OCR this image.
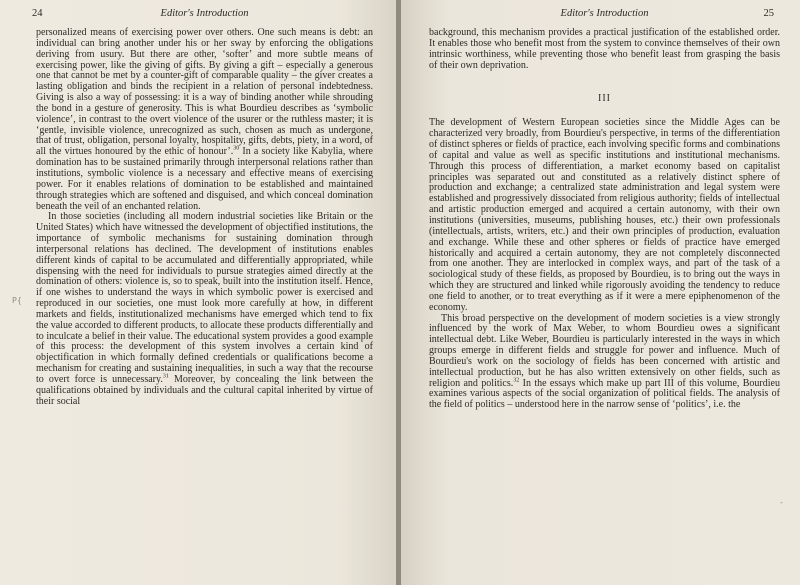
24	Editor's Introduction

personalized means of exercising power over others. One such means is debt: an individual can bring another under his or her sway by enforcing the obligations deriving from usury. But there are other, ‘softer’ and more subtle means of exercising power, like the giving of gifts. By giving a gift – especially a generous one that cannot be met by a counter-gift of comparable quality – the giver creates a lasting obligation and binds the recipient in a relation of personal indebtedness. Giving is also a way of possessing: it is a way of binding another while shrouding the bond in a gesture of generosity. This is what Bourdieu describes as ‘symbolic violence’, in contrast to the overt violence of the usurer or the ruthless master; it is ‘gentle, invisible violence, unrecognized as such, chosen as much as undergone, that of trust, obligation, personal loyalty, hospitality, gifts, debts, piety, in a word, of all the virtues honoured by the ethic of honour’.$^{30}$ In a society like Kabylia, where domination has to be sustained primarily through interpersonal relations rather than institutions, symbolic violence is a necessary and effective means of exercising power. For it enables relations of domination to be established and maintained through strategies which are softened and disguised, and which conceal domination beneath the veil of an enchanted relation.

In those societies (including all modern industrial societies like Britain or the United States) which have witnessed the development of objectified institutions, the importance of symbolic mechanisms for sustaining domination through interpersonal relations has declined. The development of institutions enables different kinds of capital to be accumulated and differentially appropriated, while dispensing with the need for individuals to pursue strategies aimed directly at the domination of others: violence is, so to speak, built into the institution itself. Hence, if one wishes to understand the ways in which symbolic power is exercised and reproduced in our societies, one must look more carefully at how, in different markets and fields, institutionalized mechanisms have emerged which tend to fix the value accorded to different products, to allocate these products differentially and to inculcate a belief in their value. The educational system provides a good example of this process: the development of this system involves a certain kind of objectification in which formally defined credentials or qualifications become a mechanism for creating and sustaining inequalities, in such a way that the recourse to overt force is unnecessary.$^{31}$ Moreover, by concealing the link between the qualifications obtained by individuals and the cultural capital inherited by virtue of their social

Editor's Introduction	25

background, this mechanism provides a practical justification of the established order. It enables those who benefit most from the system to convince themselves of their own intrinsic worthiness, while preventing those who benefit least from grasping the basis of their own deprivation.

III

The development of Western European societies since the Middle Ages can be characterized very broadly, from Bourdieu's perspective, in terms of the differentiation of distinct spheres or fields of practice, each involving specific forms and combinations of capital and value as well as specific institutions and institutional mechanisms. Through this process of differentiation, a market economy based on capitalist principles was separated out and constituted as a relatively distinct sphere of production and exchange; a centralized state administration and legal system were established and progressively dissociated from religious authority; fields of intellectual and artistic production emerged and acquired a certain autonomy, with their own institutions (universities, museums, publishing houses, etc.) their own professionals (intellectuals, artists, writers, etc.) and their own principles of production, evaluation and exchange. While these and other spheres or fields of practice have emerged historically and acquired a certain autonomy, they are not completely disconnected from one another. They are interlocked in complex ways, and part of the task of a sociological study of these fields, as proposed by Bourdieu, is to bring out the ways in which they are structured and linked while rigorously avoiding the tendency to reduce one field to another, or to treat everything as if it were a mere epiphenomenon of the economy.

This broad perspective on the development of modern societies is a view strongly influenced by the work of Max Weber, to whom Bourdieu owes a significant intellectual debt. Like Weber, Bourdieu is particularly interested in the ways in which groups emerge in different fields and struggle for power and influence. Much of Bourdieu's work on the sociology of fields has been concerned with artistic and intellectual production, but he has also written extensively on other fields, such as religion and politics.$^{32}$ In the essays which make up part III of this volume, Bourdieu examines various aspects of the social organization of political fields. The analysis of the field of politics – understood here in the narrow sense of ‘politics’, i.e. the

P{
-
